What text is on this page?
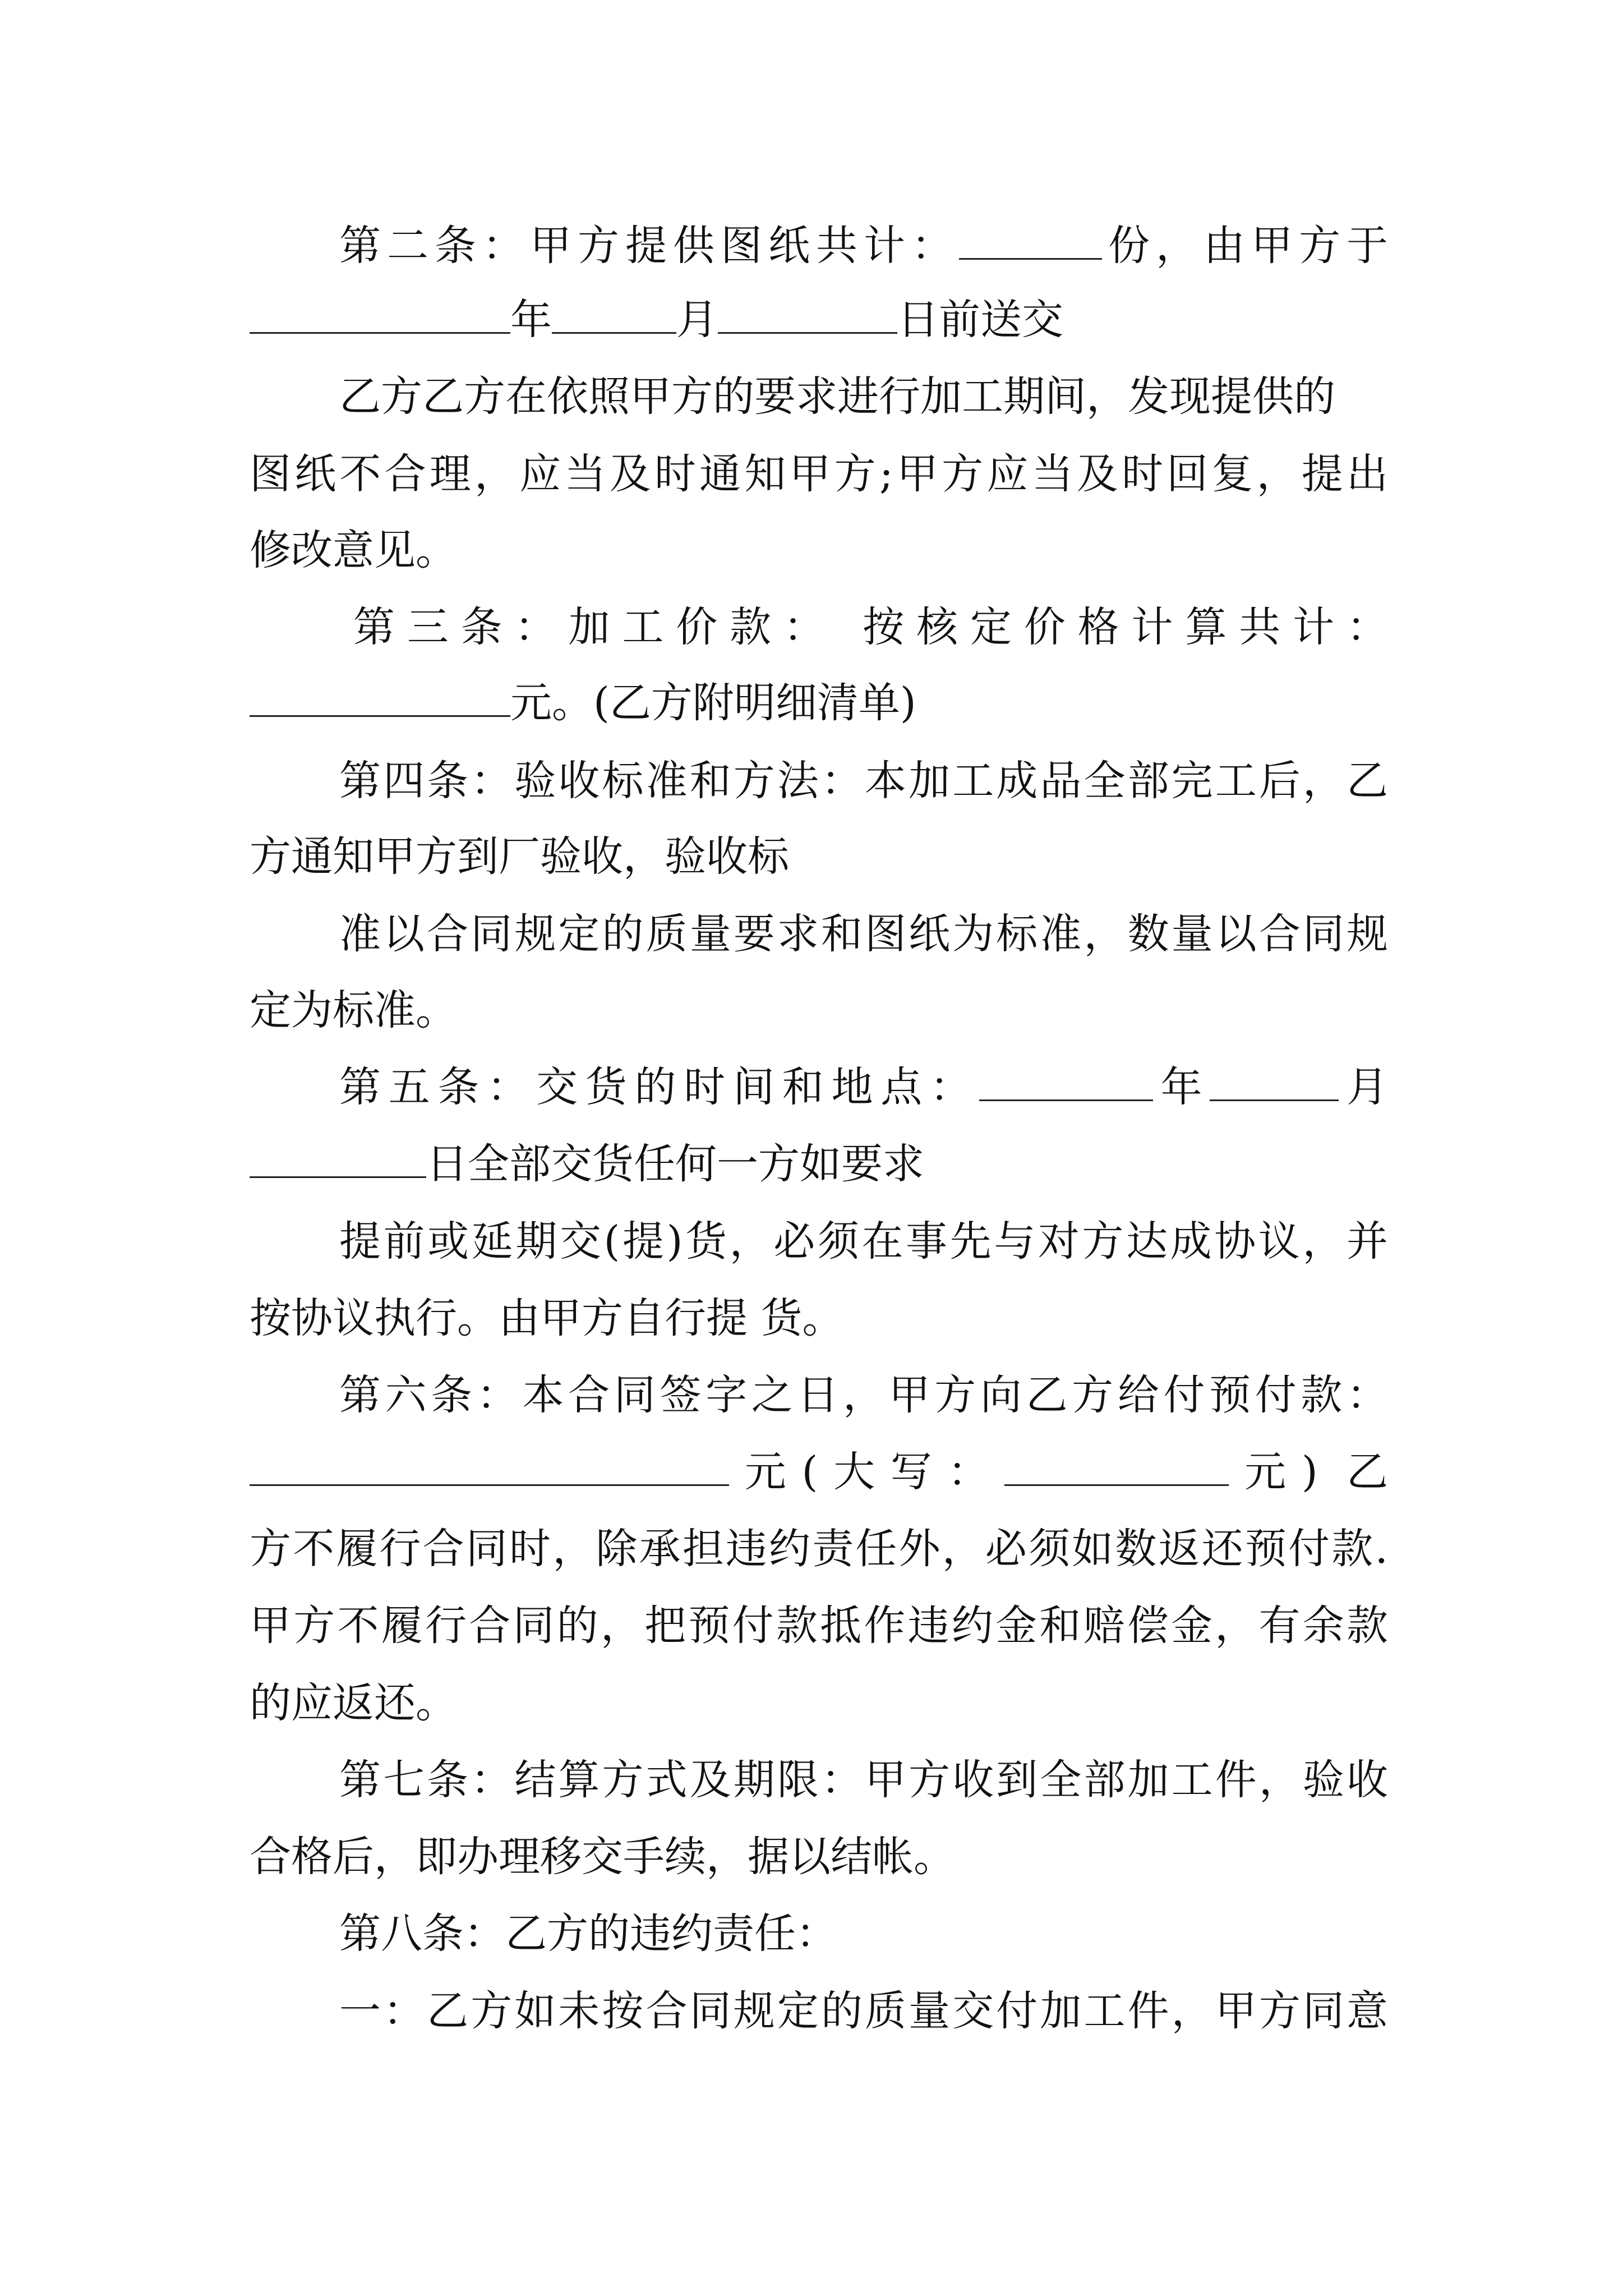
第二条：甲方提供图纸共计：	份，由甲方于
年	月	日前送交
乙方乙方在依照甲方的要求进行加工期间，发现提供的
图纸不合理，应当及时通知甲方;甲方应当及时回复，提出
修改意见。
第三条：加工价款： 按核定价格计算共计：
元。(乙方附明细清单)
第四条：验收标准和方法：本加工成品全部完工后，乙
方通知甲方到厂验收，验收标
准以合同规定的质量要求和图纸为标准，数量以合同规
定为标准。
第五条：交货的时间和地点：	年	月
日全部交货任何一方如要求
提前或延期交(提)货，必须在事先与对方达成协议，并
按协议执行。由甲方自行提 货。
第六条：本合同签字之日，甲方向乙方给付预付款：
元(大写：	元) 乙
方不履行合同时，除承担违约责任外，必须如数返还预付款.
甲方不履行合同的，把预付款抵作违约金和赔偿金，有余款
的应返还。
第七条：结算方式及期限：甲方收到全部加工件，验收
合格后，即办理移交手续，据以结帐。
第八条：乙方的违约责任：
一：乙方如未按合同规定的质量交付加工件，甲方同意
